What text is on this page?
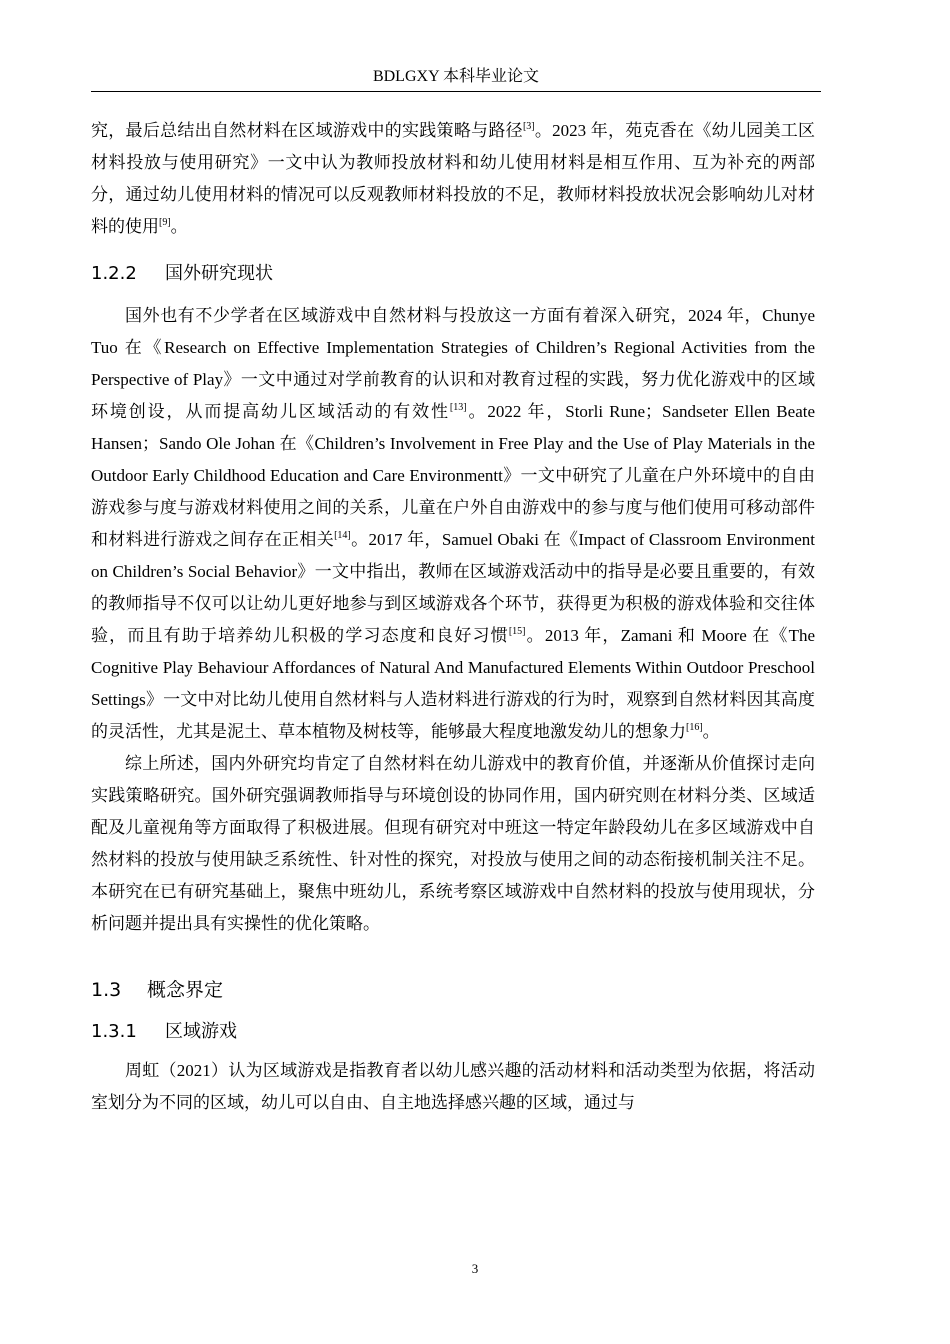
BDLGXY 本科毕业论文

究，最后总结出自然材料在区域游戏中的实践策略与路径[3]。2023 年，苑克香在《幼儿园美工区材料投放与使用研究》一文中认为教师投放材料和幼儿使用材料是相互作用、互为补充的两部分，通过幼儿使用材料的情况可以反观教师材料投放的不足，教师材料投放状况会影响幼儿对材料的使用[9]。

1.2.2 国外研究现状

国外也有不少学者在区域游戏中自然材料与投放这一方面有着深入研究，2024 年，Chunye Tuo 在《Research on Effective Implementation Strategies of Children’s Regional Activities from the Perspective of Play》一文中通过对学前教育的认识和对教育过程的实践，努力优化游戏中的区域环境创设，从而提高幼儿区域活动的有效性[13]。2022 年，Storli Rune；Sandseter Ellen Beate Hansen；Sando Ole Johan 在《Children’s Involvement in Free Play and the Use of Play Materials in the Outdoor Early Childhood Education and Care Environmentt》一文中研究了儿童在户外环境中的自由游戏参与度与游戏材料使用之间的关系，儿童在户外自由游戏中的参与度与他们使用可移动部件和材料进行游戏之间存在正相关[14]。2017 年，Samuel Obaki 在《Impact of Classroom Environment on Children’s Social Behavior》一文中指出，教师在区域游戏活动中的指导是必要且重要的，有效的教师指导不仅可以让幼儿更好地参与到区域游戏各个环节，获得更为积极的游戏体验和交往体验，而且有助于培养幼儿积极的学习态度和良好习惯[15]。2013 年，Zamani 和 Moore 在《The Cognitive Play Behaviour Affordances of Natural And Manufactured Elements Within Outdoor Preschool Settings》一文中对比幼儿使用自然材料与人造材料进行游戏的行为时，观察到自然材料因其高度的灵活性，尤其是泥土、草本植物及树枝等，能够最大程度地激发幼儿的想象力[16]。

综上所述，国内外研究均肯定了自然材料在幼儿游戏中的教育价值，并逐渐从价值探讨走向实践策略研究。国外研究强调教师指导与环境创设的协同作用，国内研究则在材料分类、区域适配及儿童视角等方面取得了积极进展。但现有研究对中班这一特定年龄段幼儿在多区域游戏中自然材料的投放与使用缺乏系统性、针对性的探究，对投放与使用之间的动态衔接机制关注不足。本研究在已有研究基础上，聚焦中班幼儿，系统考察区域游戏中自然材料的投放与使用现状，分析问题并提出具有实操性的优化策略。

1.3 概念界定
1.3.1 区域游戏

周虹（2021）认为区域游戏是指教育者以幼儿感兴趣的活动材料和活动类型为依据，将活动室划分为不同的区域，幼儿可以自由、自主地选择感兴趣的区域，通过与

3
